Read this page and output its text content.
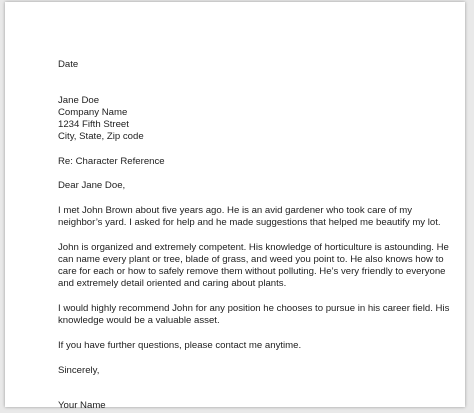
Date
Jane Doe
Company Name
1234 Fifth Street
City, State, Zip code
Re: Character Reference
Dear Jane Doe,
I met John Brown about five years ago. He is an avid gardener who took care of my
neighbor’s yard. I asked for help and he made suggestions that helped me beautify my lot.
John is organized and extremely competent. His knowledge of horticulture is astounding. He
can name every plant or tree, blade of grass, and weed you point to. He also knows how to
care for each or how to safely remove them without polluting. He’s very friendly to everyone
and extremely detail oriented and caring about plants.
I would highly recommend John for any position he chooses to pursue in his career field. His
knowledge would be a valuable asset.
If you have further questions, please contact me anytime.
Sincerely,
Your Name
